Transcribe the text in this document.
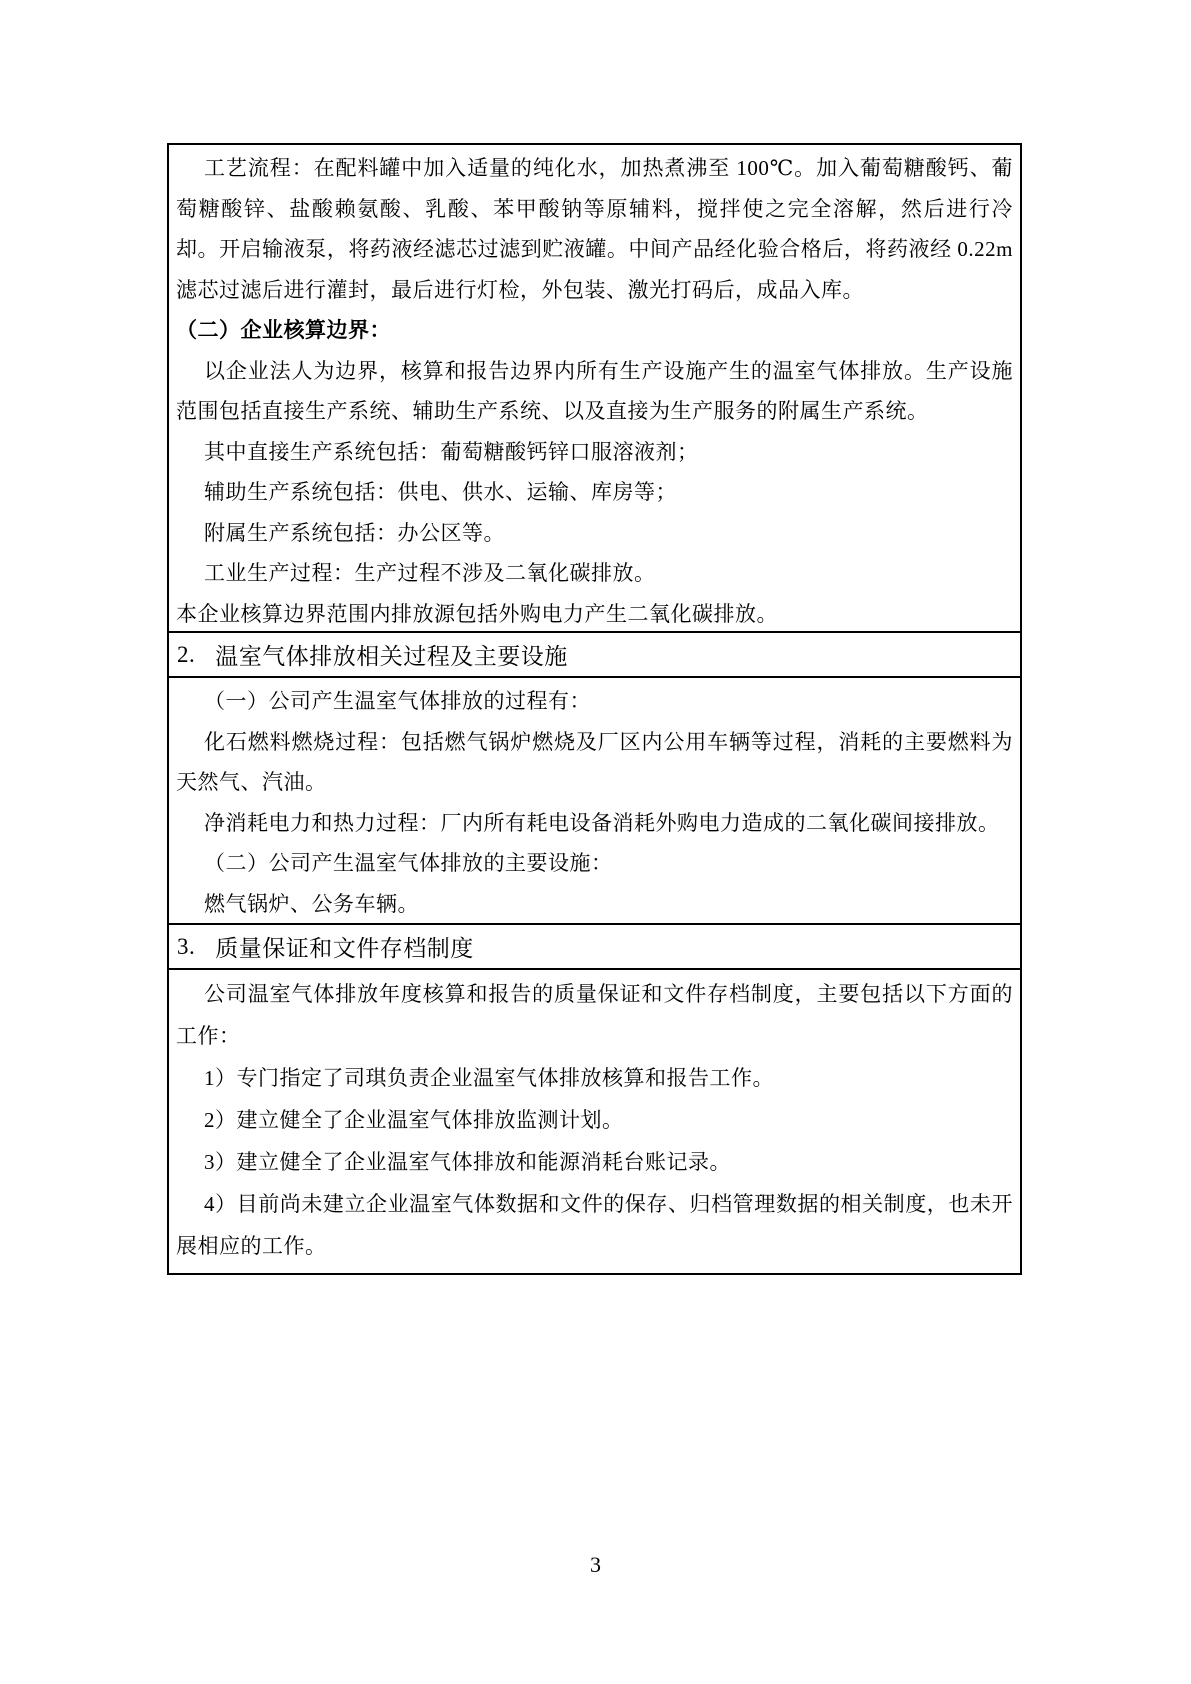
工艺流程：在配料罐中加入适量的纯化水，加热煮沸至 100℃。加入葡萄糖酸钙、葡萄糖酸锌、盐酸赖氨酸、乳酸、苯甲酸钠等原辅料，搅拌使之完全溶解，然后进行冷却。开启输液泵，将药液经滤芯过滤到贮液罐。中间产品经化验合格后，将药液经 0.22m 滤芯过滤后进行灌封，最后进行灯检，外包装、激光打码后，成品入库。

（二）企业核算边界：

以企业法人为边界，核算和报告边界内所有生产设施产生的温室气体排放。生产设施范围包括直接生产系统、辅助生产系统、以及直接为生产服务的附属生产系统。

其中直接生产系统包括：葡萄糖酸钙锌口服溶液剂；

辅助生产系统包括：供电、供水、运输、库房等；

附属生产系统包括：办公区等。

工业生产过程：生产过程不涉及二氧化碳排放。

本企业核算边界范围内排放源包括外购电力产生二氧化碳排放。

2. 温室气体排放相关过程及主要设施

（一）公司产生温室气体排放的过程有：

化石燃料燃烧过程：包括燃气锅炉燃烧及厂区内公用车辆等过程，消耗的主要燃料为天然气、汽油。

净消耗电力和热力过程：厂内所有耗电设备消耗外购电力造成的二氧化碳间接排放。

（二）公司产生温室气体排放的主要设施：

燃气锅炉、公务车辆。

3. 质量保证和文件存档制度

公司温室气体排放年度核算和报告的质量保证和文件存档制度，主要包括以下方面的工作：

1）专门指定了司琪负责企业温室气体排放核算和报告工作。

2）建立健全了企业温室气体排放监测计划。

3）建立健全了企业温室气体排放和能源消耗台账记录。

4）目前尚未建立企业温室气体数据和文件的保存、归档管理数据的相关制度，也未开展相应的工作。

3
